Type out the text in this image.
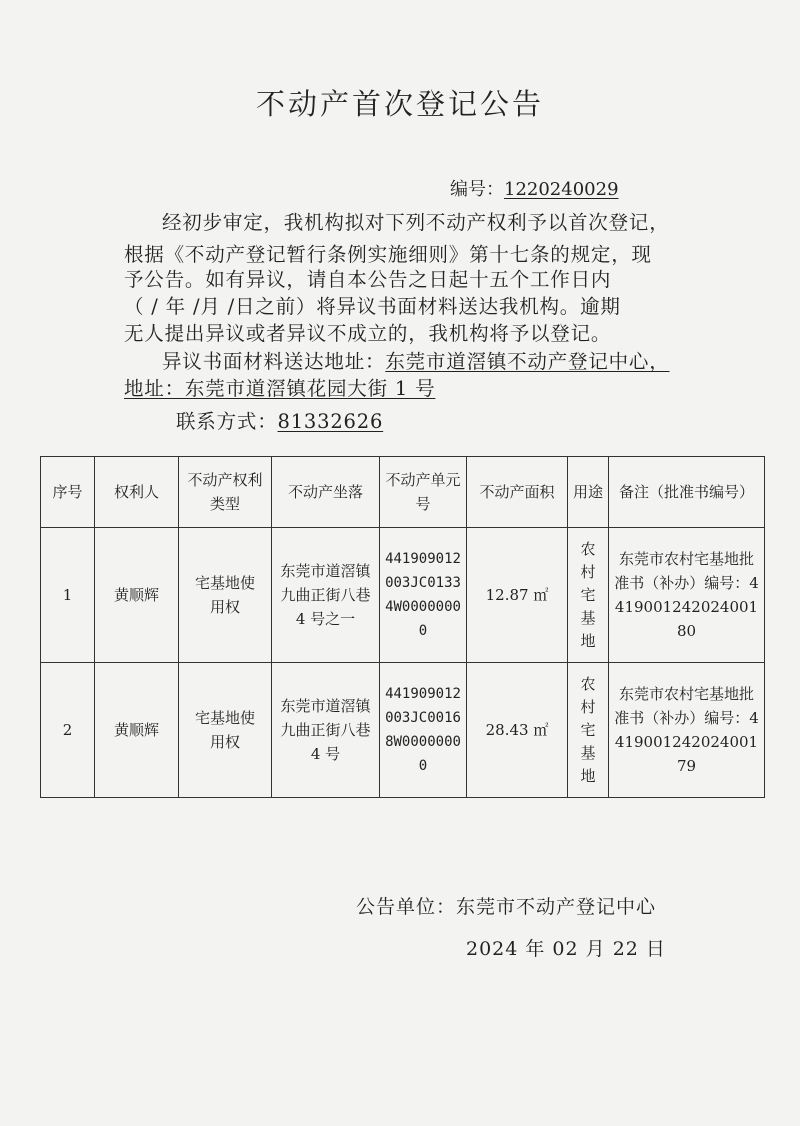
不动产首次登记公告
编号：1220240029
经初步审定，我机构拟对下列不动产权利予以首次登记，
根据《不动产登记暂行条例实施细则》第十七条的规定，现
予公告。如有异议，请自本公告之日起十五个工作日内
（ / 年 /月 /日之前）将异议书面材料送达我机构。逾期
无人提出异议或者异议不成立的，我机构将予以登记。
异议书面材料送达地址：东莞市道滘镇不动产登记中心，
地址：东莞市道滘镇花园大街 1 号
联系方式：81332626
序号	权利人	不动产权利类型	不动产坐落	不动产单元号	不动产面积	用途	备注（批准书编号）
1	黄顺辉	宅基地使用权	东莞市道滘镇九曲正街八巷 4 号之一	441909012003JC01334W00000000	12.87 ㎡	农村宅基地	东莞市农村宅基地批准书（补办）编号：441900124202400180
2	黄顺辉	宅基地使用权	东莞市道滘镇九曲正街八巷 4 号	441909012003JC00168W00000000	28.43 ㎡	农村宅基地	东莞市农村宅基地批准书（补办）编号：441900124202400179
公告单位：东莞市不动产登记中心
2024 年 02 月 22 日
